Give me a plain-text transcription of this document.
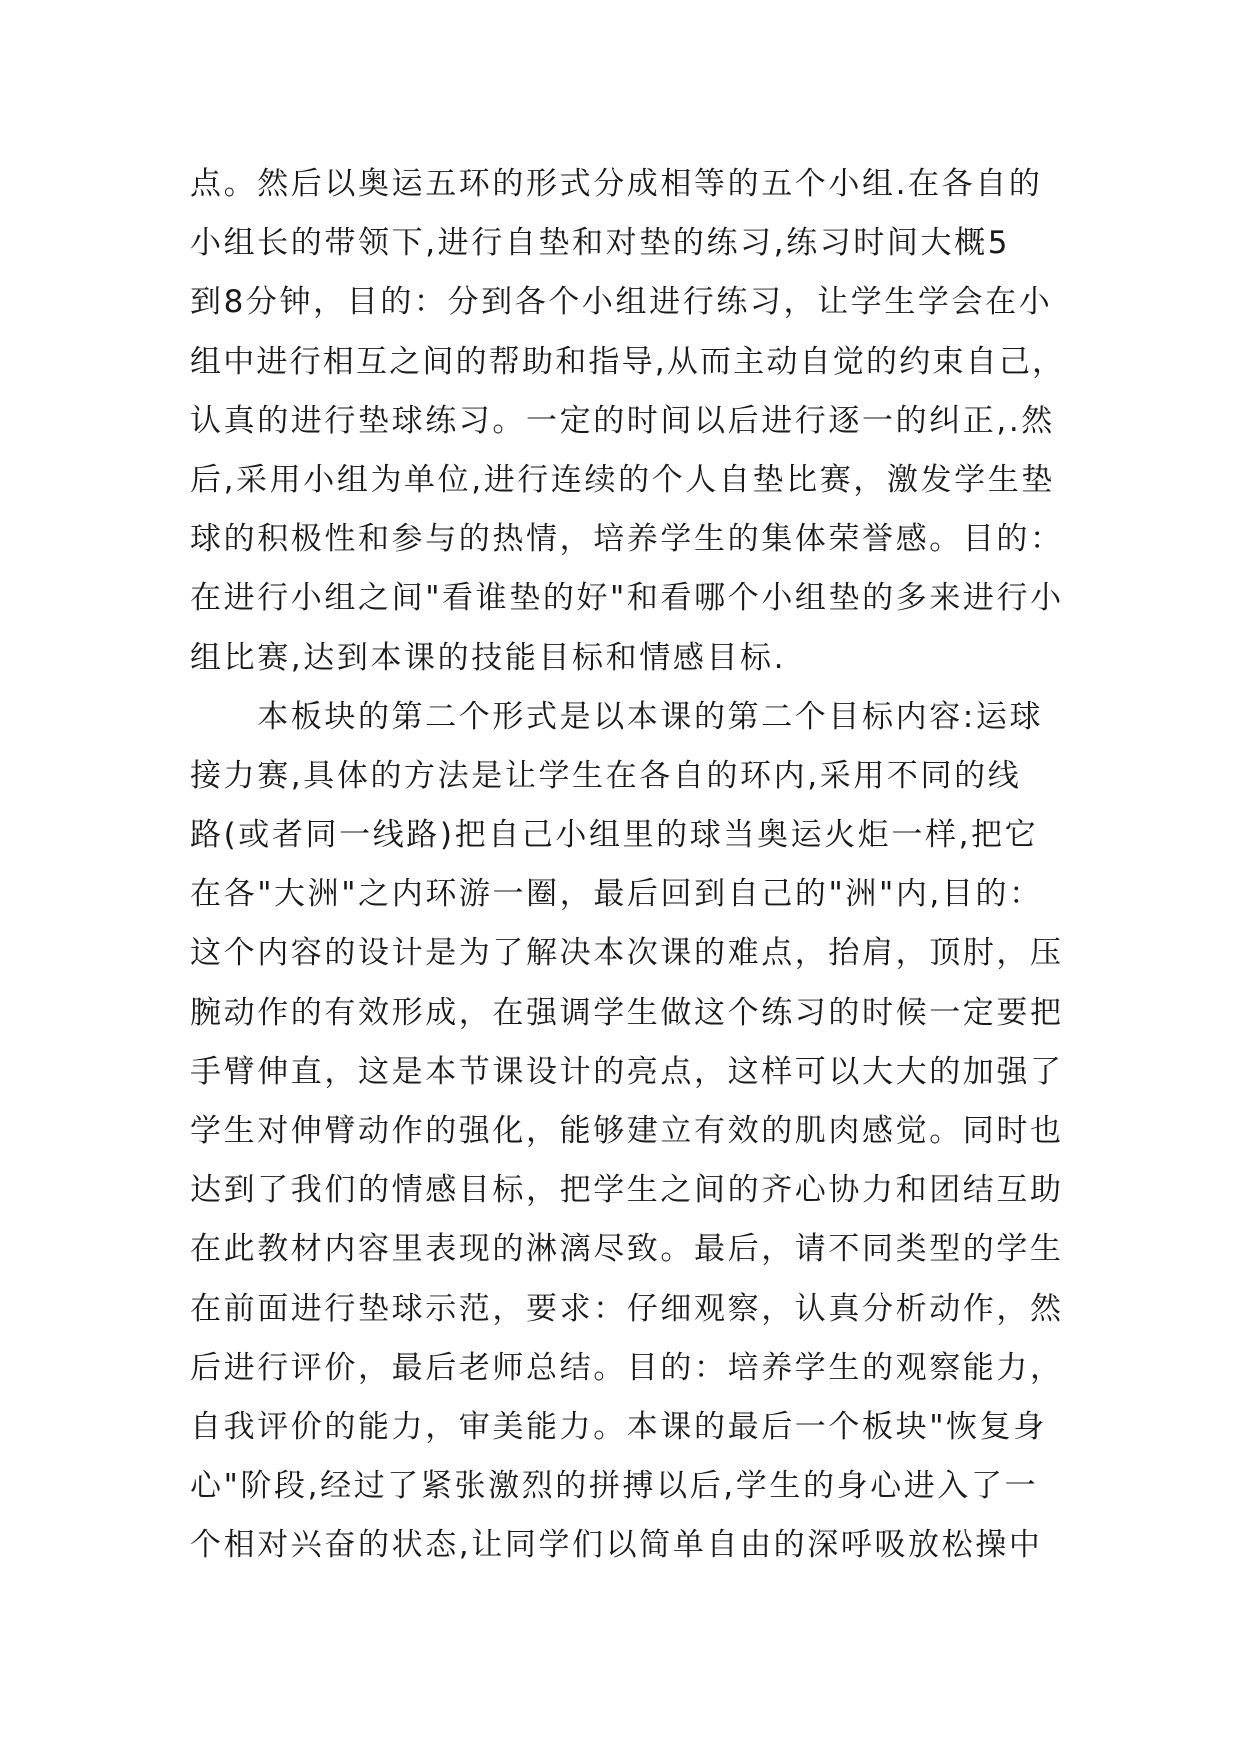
点。然后以奥运五环的形式分成相等的五个小组.在各自的
小组长的带领下,进行自垫和对垫的练习,练习时间大概5
到8分钟，目的：分到各个小组进行练习，让学生学会在小
组中进行相互之间的帮助和指导,从而主动自觉的约束自己，
认真的进行垫球练习。一定的时间以后进行逐一的纠正,.然
后,采用小组为单位,进行连续的个人自垫比赛，激发学生垫
球的积极性和参与的热情，培养学生的集体荣誉感。目的：
在进行小组之间"看谁垫的好"和看哪个小组垫的多来进行小
组比赛,达到本课的技能目标和情感目标.
　　本板块的第二个形式是以本课的第二个目标内容:运球
接力赛,具体的方法是让学生在各自的环内,采用不同的线
路(或者同一线路)把自己小组里的球当奥运火炬一样,把它
在各"大洲"之内环游一圈，最后回到自己的"洲"内,目的：
这个内容的设计是为了解决本次课的难点，抬肩，顶肘，压
腕动作的有效形成，在强调学生做这个练习的时候一定要把
手臂伸直，这是本节课设计的亮点，这样可以大大的加强了
学生对伸臂动作的强化，能够建立有效的肌肉感觉。同时也
达到了我们的情感目标，把学生之间的齐心协力和团结互助
在此教材内容里表现的淋漓尽致。最后，请不同类型的学生
在前面进行垫球示范，要求：仔细观察，认真分析动作，然
后进行评价，最后老师总结。目的：培养学生的观察能力，
自我评价的能力，审美能力。本课的最后一个板块"恢复身
心"阶段,经过了紧张激烈的拼搏以后,学生的身心进入了一
个相对兴奋的状态,让同学们以简单自由的深呼吸放松操中
